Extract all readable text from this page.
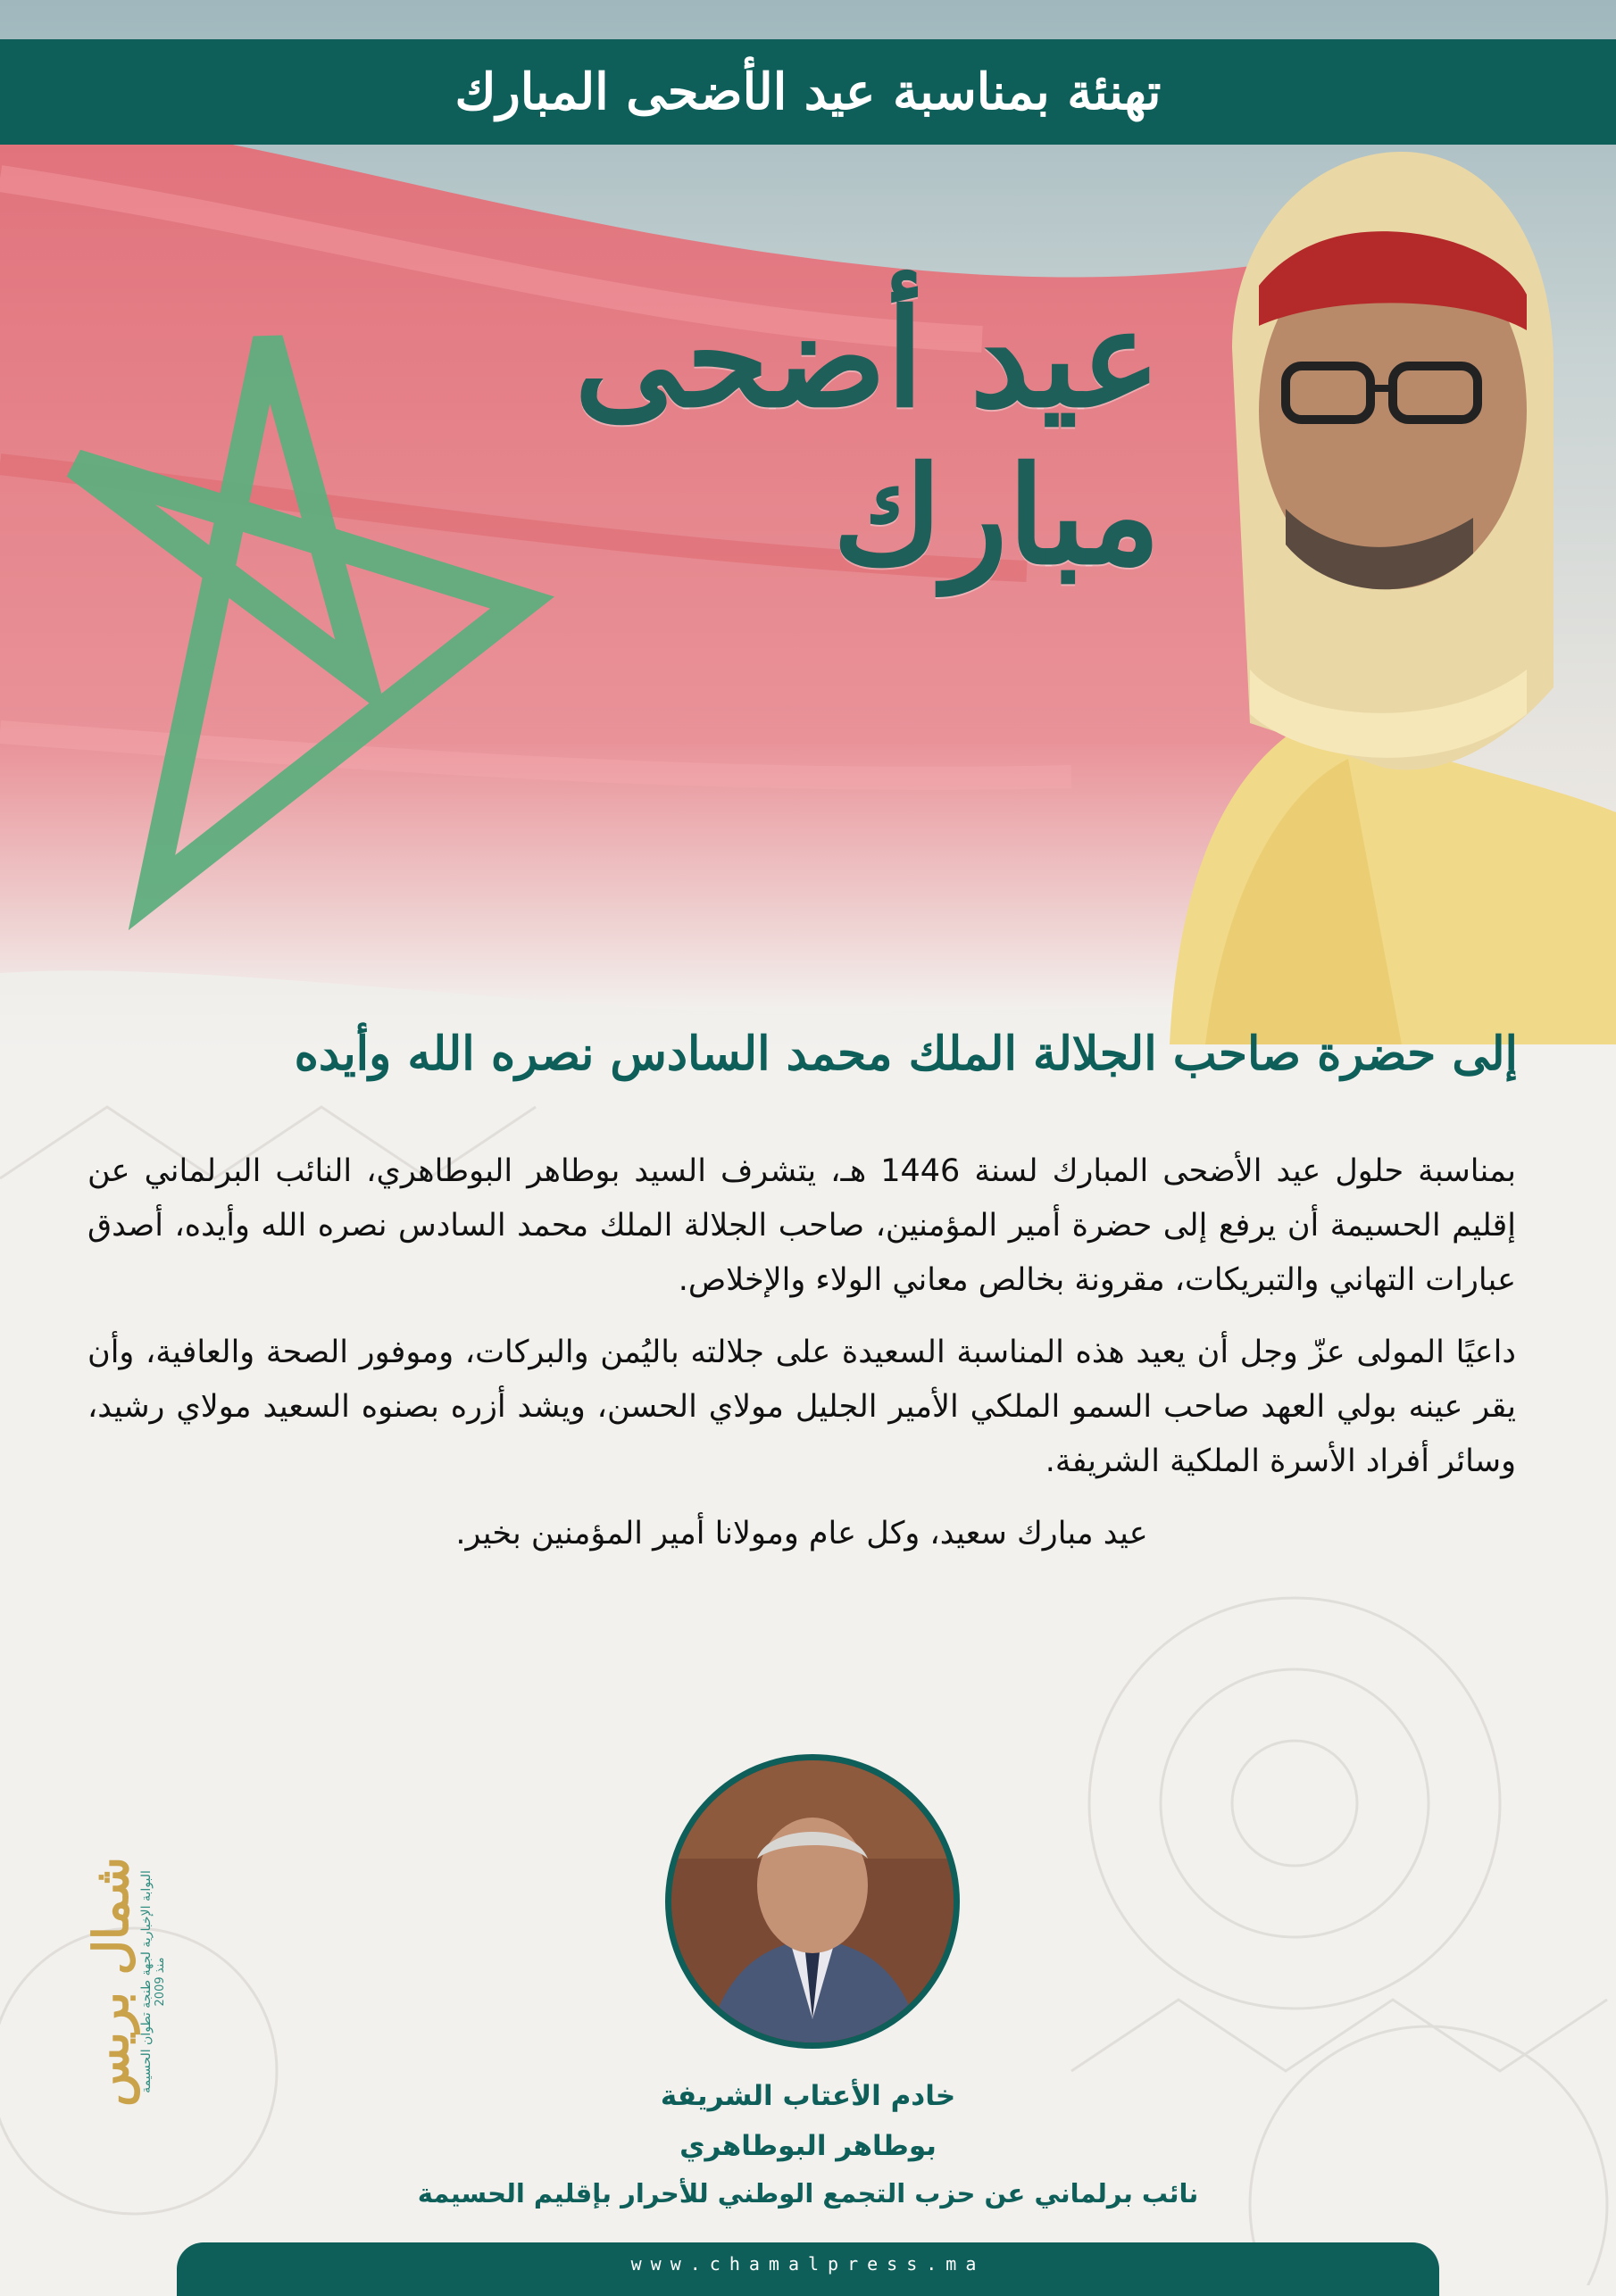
تهنئة بمناسبة عيد الأضحى المبارك
عيد أضحى مبارك
إلى حضرة صاحب الجلالة الملك محمد السادس نصره الله وأيده

بمناسبة حلول عيد الأضحى المبارك لسنة 1446 هـ، يتشرف السيد بوطاهر البوطاهري، النائب البرلماني عن إقليم الحسيمة أن يرفع إلى حضرة أمير المؤمنين، صاحب الجلالة الملك محمد السادس نصره الله وأيده، أصدق عبارات التهاني والتبريكات، مقرونة بخالص معاني الولاء والإخلاص.

داعيًا المولى عزّ وجل أن يعيد هذه المناسبة السعيدة على جلالته باليُمن والبركات، وموفور الصحة والعافية، وأن يقر عينه بولي العهد صاحب السمو الملكي الأمير الجليل مولاي الحسن، ويشد أزره بصنوه السعيد مولاي رشيد، وسائر أفراد الأسرة الملكية الشريفة.

عيد مبارك سعيد، وكل عام ومولانا أمير المؤمنين بخير.

خادم الأعتاب الشريفة
بوطاهر البوطاهري
نائب برلماني عن حزب التجمع الوطني للأحرار بإقليم الحسيمة
شمال بريس البوابة الإخبارية لجهة طنجة تطوان الحسيمة منذ 2009
www.chamalpress.ma
